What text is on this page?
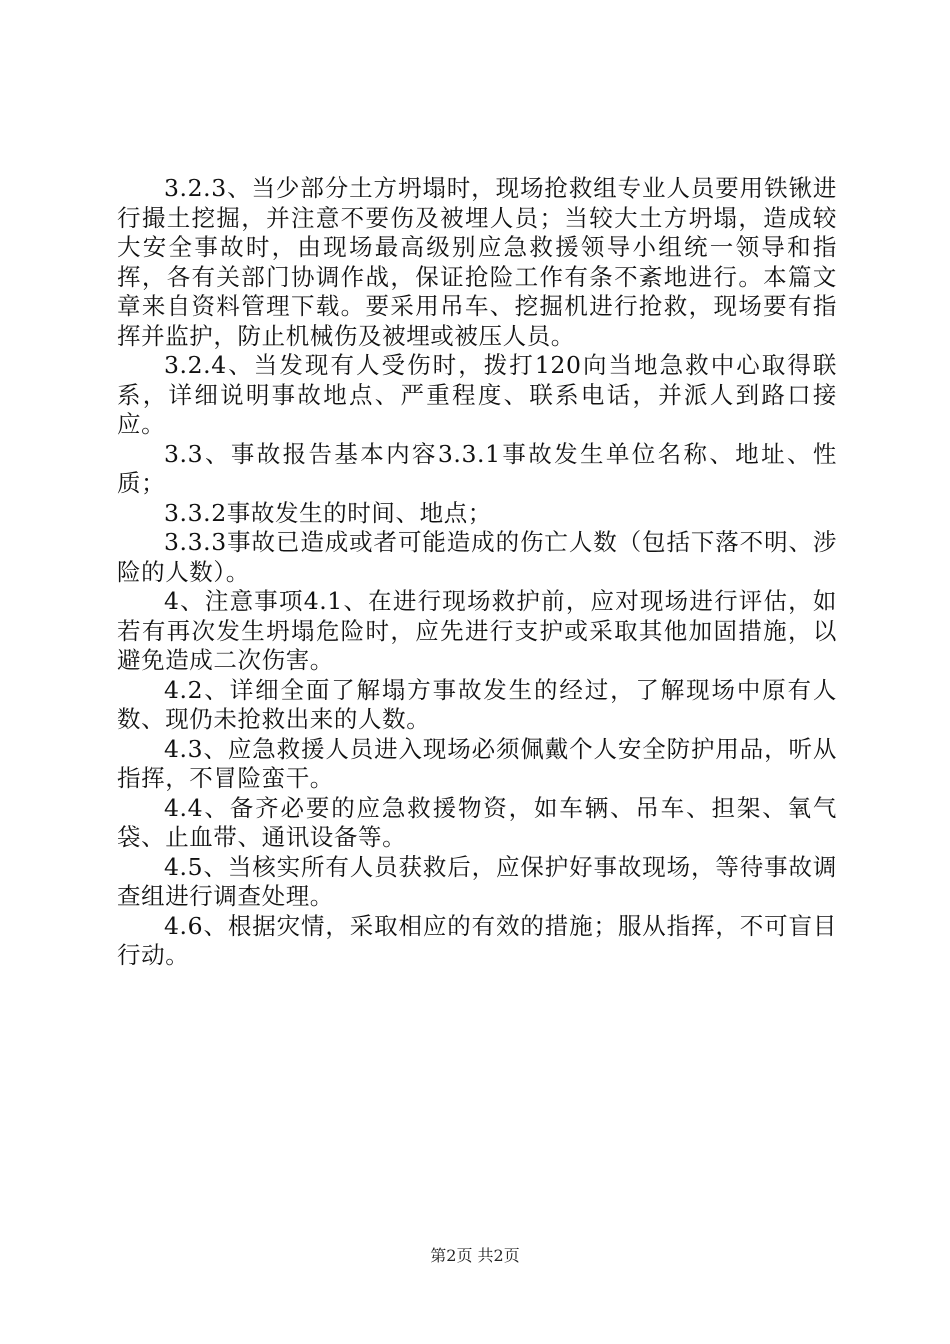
3.2.3、当少部分土方坍塌时，现场抢救组专业人员要用铁锹进行撮土挖掘，并注意不要伤及被埋人员；当较大土方坍塌，造成较大安全事故时，由现场最高级别应急救援领导小组统一领导和指挥，各有关部门协调作战，保证抢险工作有条不紊地进行。本篇文章来自资料管理下载。要采用吊车、挖掘机进行抢救，现场要有指挥并监护，防止机械伤及被埋或被压人员。

3.2.4、当发现有人受伤时，拨打120向当地急救中心取得联系，详细说明事故地点、严重程度、联系电话，并派人到路口接应。

3.3、事故报告基本内容3.3.1事故发生单位名称、地址、性质；

3.3.2事故发生的时间、地点；

3.3.3事故已造成或者可能造成的伤亡人数（包括下落不明、涉险的人数）。

4、注意事项4.1、在进行现场救护前，应对现场进行评估，如若有再次发生坍塌危险时，应先进行支护或采取其他加固措施，以避免造成二次伤害。

4.2、详细全面了解塌方事故发生的经过，了解现场中原有人数、现仍未抢救出来的人数。

4.3、应急救援人员进入现场必须佩戴个人安全防护用品，听从指挥，不冒险蛮干。

4.4、备齐必要的应急救援物资，如车辆、吊车、担架、氧气袋、止血带、通讯设备等。

4.5、当核实所有人员获救后，应保护好事故现场，等待事故调查组进行调查处理。

4.6、根据灾情，采取相应的有效的措施；服从指挥，不可盲目行动。

第2页 共2页
